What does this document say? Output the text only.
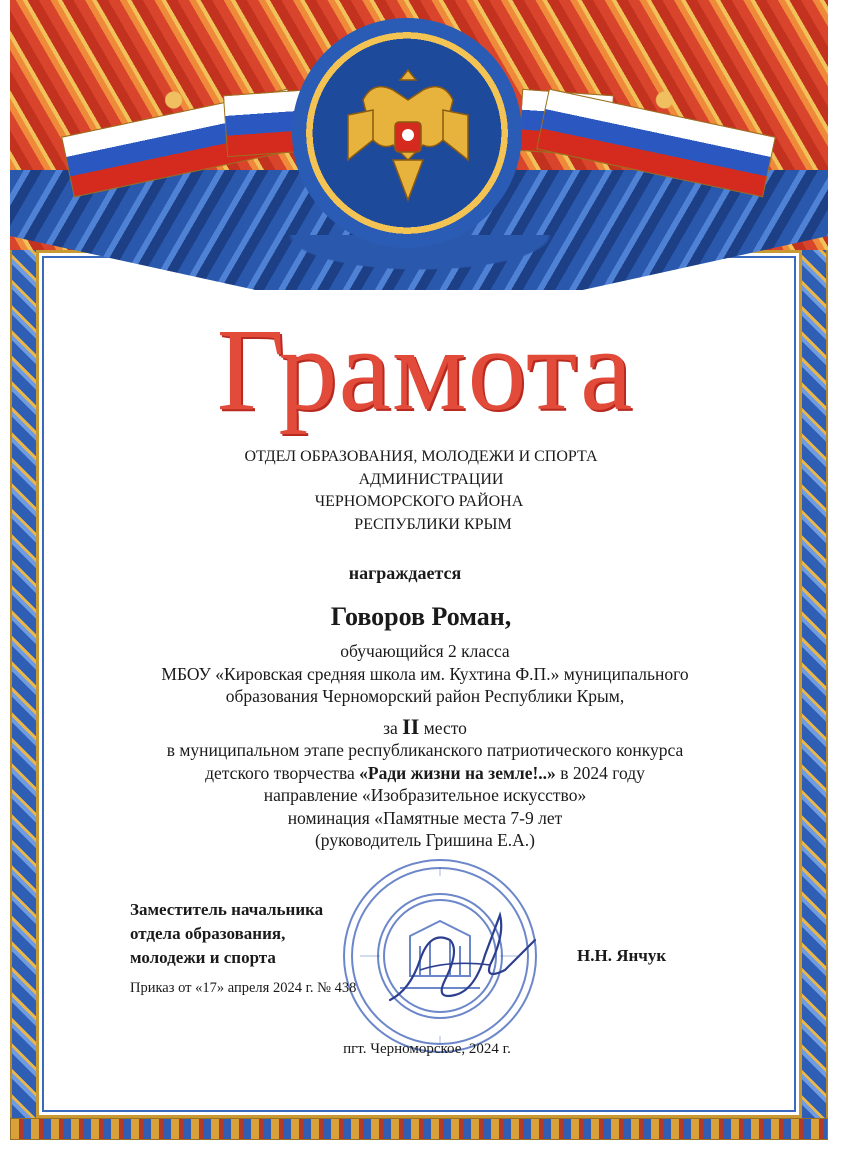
Грамота
ОТДЕЛ ОБРАЗОВАНИЯ, МОЛОДЕЖИ И СПОРТА
АДМИНИСТРАЦИИ
ЧЕРНОМОРСКОГО РАЙОНА
РЕСПУБЛИКИ КРЫМ
награждается
Говоров Роман,
обучающийся 2 класса
МБОУ «Кировская средняя школа им. Кухтина Ф.П.» муниципального
образования Черноморский район Республики Крым,
за II место
в муниципальном этапе республиканского патриотического конкурса
детского творчества «Ради жизни на земле!..» в 2024 году
направление «Изобразительное искусство»
номинация «Памятные места 7-9 лет
(руководитель Гришина Е.А.)
Заместитель начальника
отдела образования,
молодежи и спорта	Н.Н. Янчук
Приказ от «17» апреля 2024 г. № 438
пгт. Черноморское, 2024 г.
